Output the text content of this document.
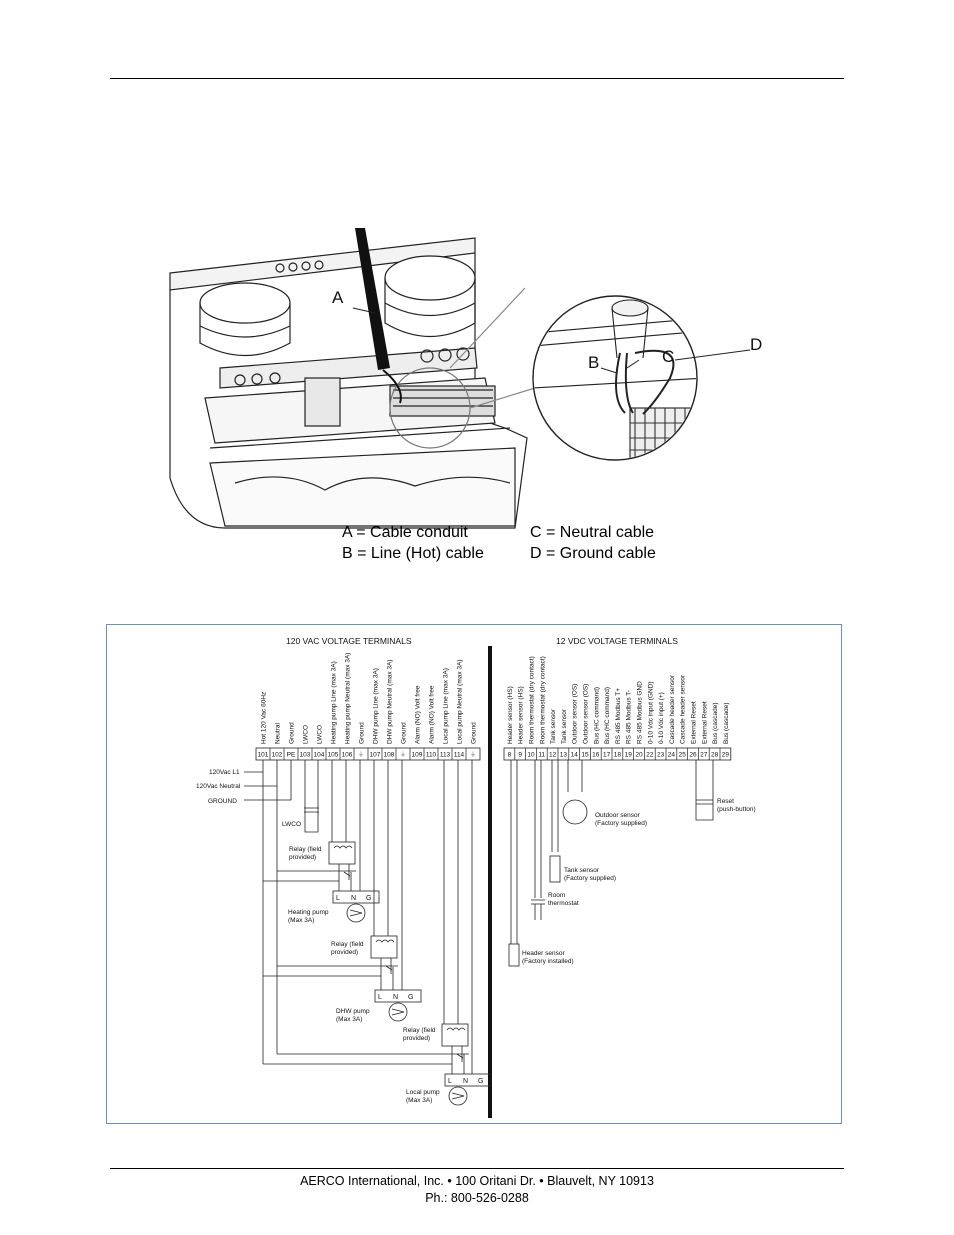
A
B	C
D
A = Cable conduit
B = Line (Hot) cable
C = Neutral cable
D = Ground cable
120 VAC VOLTAGE TERMINALS	12 VDC VOLTAGE TERMINALS
Hot 120 Vac 60Hz Neutral Ground LWCO LWCO Heating pump Line (max 3A) Heating pump Neutral (max 3A) Ground DHW pump Line (max 3A) DHW pump Neutral (max 3A) Ground Alarm (NO) Volt free Alarm (NO) Volt free Local pump Line (max 3A) Local pump Neutral (max 3A) Ground	Header sensor (HS) Header sensor (HS) Room thermostat (dry contact) Room thermostat (dry contact) Tank sensor Tank sensor Outdoor sensor (OS) Outdoor sensor (OS) Bus (HC command) Bus (HC command) RS 485 Modbus T+ RS 485 Modbus T- RS 485 Modbus GND 0-10 Vdc input (GND) 0-10 Vdc input (+) Cascade header sensor Cascade header sensor External Reset External Reset Bus (cascade) Bus (cascade)
101 102 PE 103 104 105 106 ⏚ 107 108 ⏚ 109 110 113 114 ⏚	8 9 10 11 12 13 14 15 16 17 18 19 20 22 23 24 25 26 27 28 29
120Vac L1
120Vac Neutral
GROUND
LWCO
Relay (field
provided)
L N G
Heating pump
(Max 3A)
Relay (field
provided)
L N G
DHW pump
(Max 3A)
Relay (field
provided)
L N G
Local pump
(Max 3A)
Outdoor sensor
(Factory supplied)
Tank sensor
(Factory supplied)
Room
thermostat
Header sensor
(Factory installed)
Reset
(push-button)
AERCO International, Inc. • 100 Oritani Dr. • Blauvelt, NY 10913
Ph.: 800-526-0288
